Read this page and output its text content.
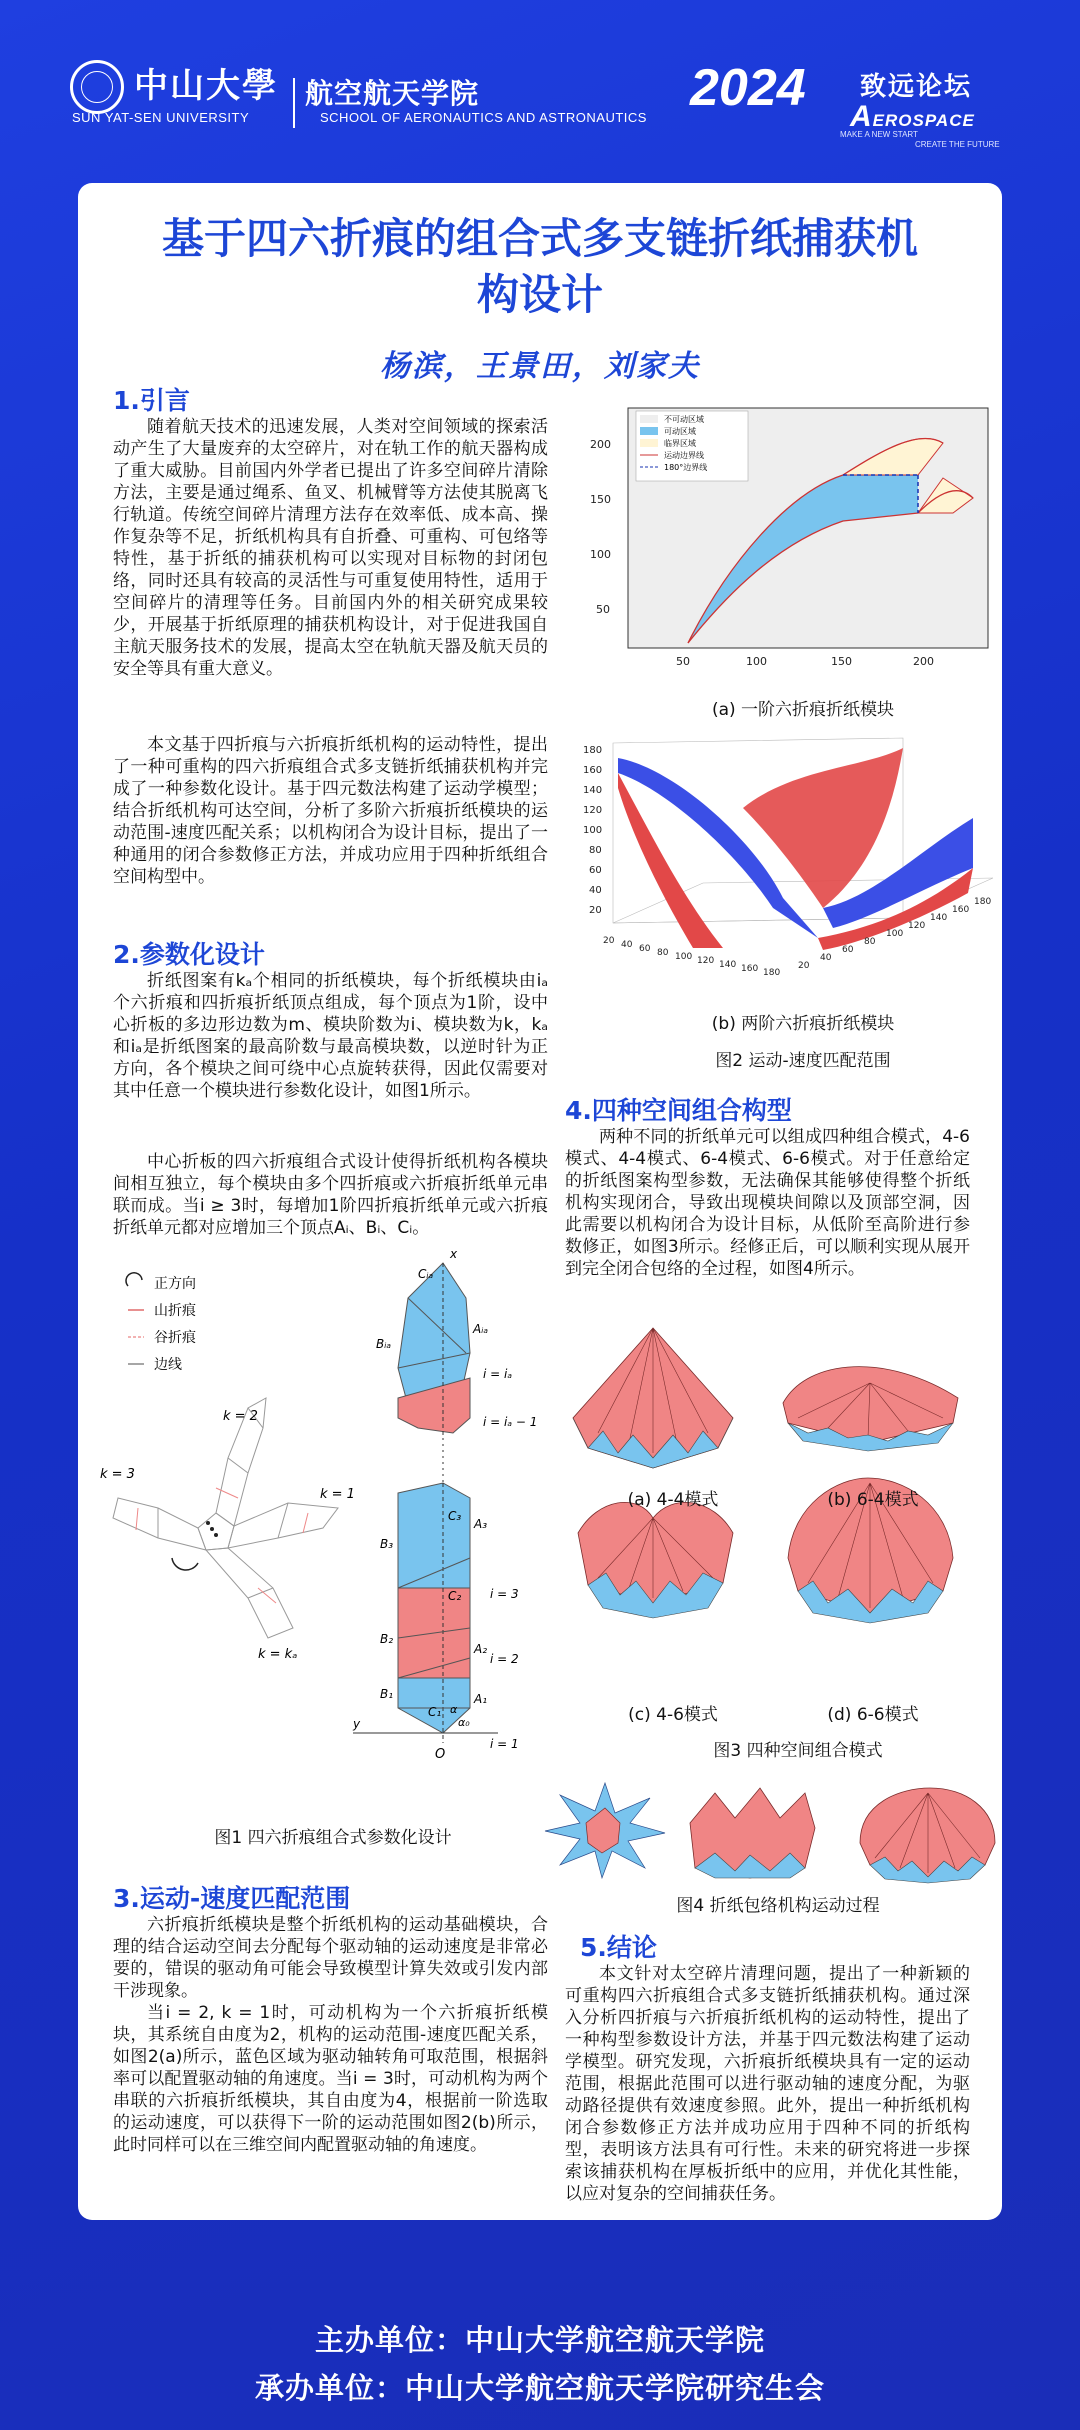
中山大學
SUN YAT-SEN UNIVERSITY
航空航天学院
SCHOOL OF AERONAUTICS AND ASTRONAUTICS
2024 致远论坛
AEROSPACE
MAKE A NEW START
CREATE THE FUTURE
基于四六折痕的组合式多支链折纸捕获机
构设计
杨滨，王景田，刘家夫
1.引言

随着航天技术的迅速发展，人类对空间领域的探索活动产生了大量废弃的太空碎片，对在轨工作的航天器构成了重大威胁。目前国内外学者已提出了许多空间碎片清除方法，主要是通过绳系、鱼叉、机械臂等方法使其脱离飞行轨道。传统空间碎片清理方法存在效率低、成本高、操作复杂等不足，折纸机构具有自折叠、可重构、可包络等特性，基于折纸的捕获机构可以实现对目标物的封闭包络，同时还具有较高的灵活性与可重复使用特性，适用于空间碎片的清理等任务。目前国内外的相关研究成果较少，开展基于折纸原理的捕获机构设计，对于促进我国自主航天服务技术的发展，提高太空在轨航天器及航天员的安全等具有重大意义。

本文基于四折痕与六折痕折纸机构的运动特性，提出了一种可重构的四六折痕组合式多支链折纸捕获机构并完成了一种参数化设计。基于四元数法构建了运动学模型；结合折纸机构可达空间，分析了多阶六折痕折纸模块的运动范围-速度匹配关系；以机构闭合为设计目标，提出了一种通用的闭合参数修正方法，并成功应用于四种折纸组合空间构型中。

2.参数化设计

折纸图案有kₐ个相同的折纸模块，每个折纸模块由iₐ个六折痕和四折痕折纸顶点组成，每个顶点为1阶，设中心折板的多边形边数为m、模块阶数为i、模块数为k，kₐ和iₐ是折纸图案的最高阶数与最高模块数，以逆时针为正方向，各个模块之间可绕中心点旋转获得，因此仅需要对其中任意一个模块进行参数化设计，如图1所示。

中心折板的四六折痕组合式设计使得折纸机构各模块间相互独立，每个模块由多个四折痕或六折痕折纸单元串联而成。当i ≥ 3时，每增加1阶四折痕折纸单元或六折痕折纸单元都对应增加三个顶点Aᵢ、Bᵢ、Cᵢ。

正方向
山折痕
谷折痕
边线
k = 2
k = 3
k = 1
k = kₐ
x
Cᵢₐ
Bᵢₐ
Aᵢₐ
i = iₐ
i = iₐ − 1
B₃
C₃
A₃
C₂
B₂
A₂
B₁
C₁
A₁
α
α₀
O
y
i = 3
i = 2
i = 1
图1 四六折痕组合式参数化设计
3.运动-速度匹配范围

六折痕折纸模块是整个折纸机构的运动基础模块，合理的结合运动空间去分配每个驱动轴的运动速度是非常必要的，错误的驱动角可能会导致模型计算失效或引发内部干涉现象。

当i = 2, k = 1时，可动机构为一个六折痕折纸模块，其系统自由度为2，机构的运动范围-速度匹配关系，如图2(a)所示，蓝色区域为驱动轴转角可取范围，根据斜率可以配置驱动轴的角速度。当i = 3时，可动机构为两个串联的六折痕折纸模块，其自由度为4，根据前一阶选取的运动速度，可以获得下一阶的运动范围如图2(b)所示，此时同样可以在三维空间内配置驱动轴的角速度。

不可动区域
可动区域
临界区域
运动边界线
180°边界线
50
100
150
200
50	100	150	200
(a) 一阶六折痕折纸模块
180
160
140
120
100
80
60
40
20
20 40 60 80 100 120 140 160 180
20
40
60
80
100
120
140
160
180
(b) 两阶六折痕折纸模块
图2 运动-速度匹配范围
4.四种空间组合构型

两种不同的折纸单元可以组成四种组合模式，4-6模式、4-4模式、6-4模式、6-6模式。对于任意给定的折纸图案构型参数，无法确保其能够使得整个折纸机构实现闭合，导致出现模块间隙以及顶部空洞，因此需要以机构闭合为设计目标，从低阶至高阶进行参数修正，如图3所示。经修正后，可以顺利实现从展开到完全闭合包络的全过程，如图4所示。

(a) 4-4模式	(b) 6-4模式
(c) 4-6模式	(d) 6-6模式
图3 四种空间组合模式
图4 折纸包络机构运动过程
5.结论

本文针对太空碎片清理问题，提出了一种新颖的可重构四六折痕组合式多支链折纸捕获机构。通过深入分析四折痕与六折痕折纸机构的运动特性，提出了一种构型参数设计方法，并基于四元数法构建了运动学模型。研究发现，六折痕折纸模块具有一定的运动范围，根据此范围可以进行驱动轴的速度分配，为驱动路径提供有效速度参照。此外，提出一种折纸机构闭合参数修正方法并成功应用于四种不同的折纸构型，表明该方法具有可行性。未来的研究将进一步探索该捕获机构在厚板折纸中的应用，并优化其性能，以应对复杂的空间捕获任务。

主办单位：中山大学航空航天学院
承办单位：中山大学航空航天学院研究生会
